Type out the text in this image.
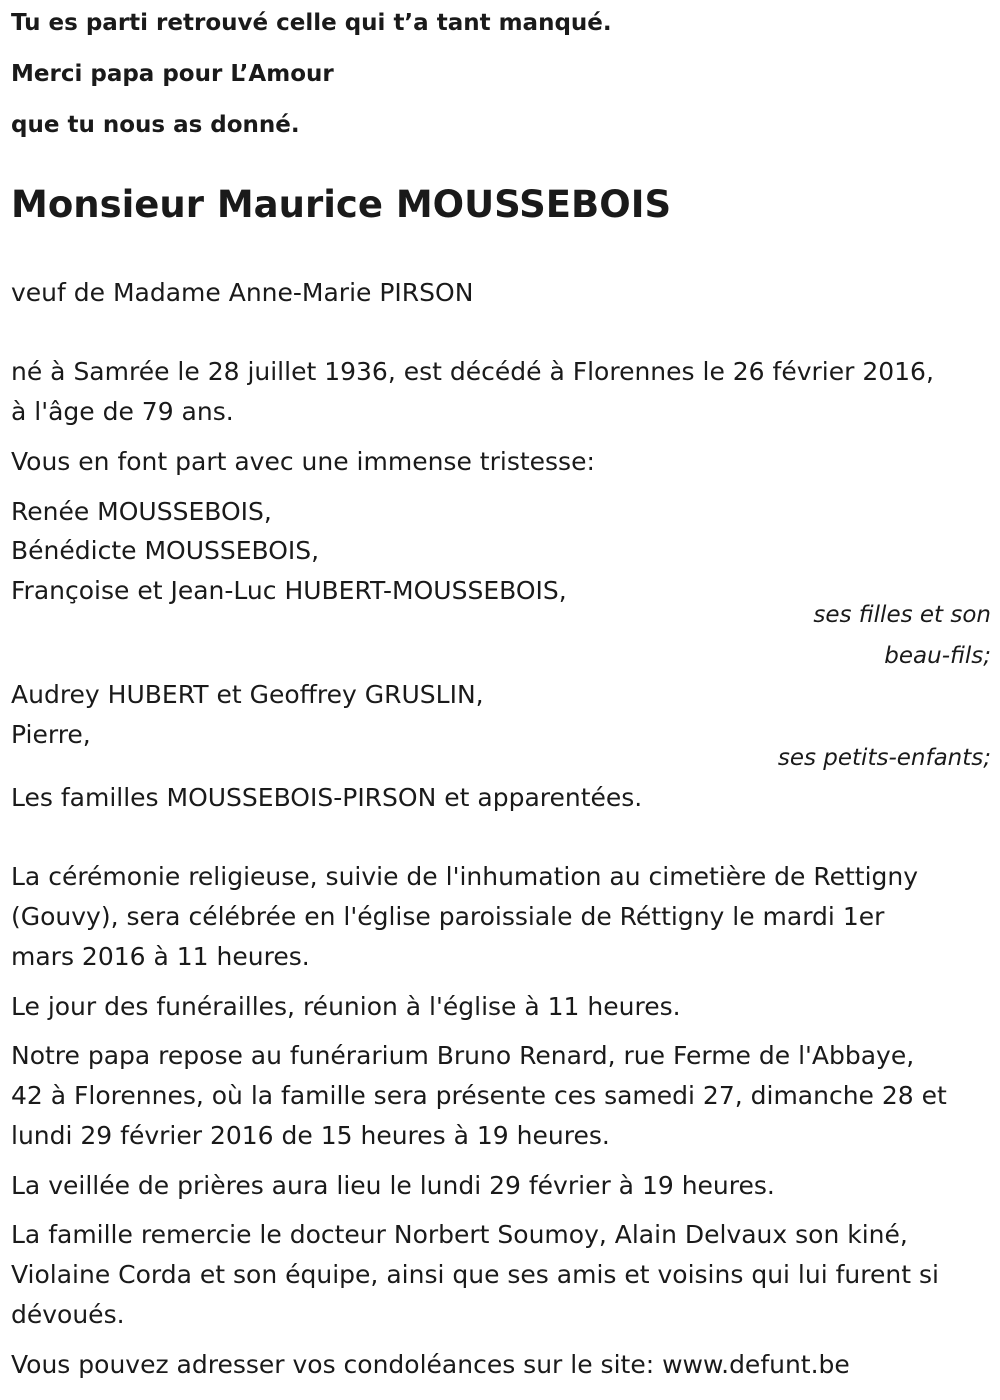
Tu es parti retrouvé celle qui t’a tant manqué.

Merci papa pour L’Amour

que tu nous as donné.

Monsieur Maurice MOUSSEBOIS

veuf de Madame Anne-Marie PIRSON

né à Samrée le 28 juillet 1936, est décédé à Florennes le 26 février 2016,

à l'âge de 79 ans.

Vous en font part avec une immense tristesse:

Renée MOUSSEBOIS,

Bénédicte MOUSSEBOIS,

Françoise et Jean-Luc HUBERT-MOUSSEBOIS,

ses filles et son

beau-fils;

Audrey HUBERT et Geoffrey GRUSLIN,

Pierre,

ses petits-enfants;

Les familles MOUSSEBOIS-PIRSON et apparentées.

La cérémonie religieuse, suivie de l'inhumation au cimetière de Rettigny

(Gouvy), sera célébrée en l'église paroissiale de Réttigny le mardi 1er

mars 2016 à 11 heures.

Le jour des funérailles, réunion à l'église à 11 heures.

Notre papa repose au funérarium Bruno Renard, rue Ferme de l'Abbaye,

42 à Florennes, où la famille sera présente ces samedi 27, dimanche 28 et

lundi 29 février 2016 de 15 heures à 19 heures.

La veillée de prières aura lieu le lundi 29 février à 19 heures.

La famille remercie le docteur Norbert Soumoy, Alain Delvaux son kiné,

Violaine Corda et son équipe, ainsi que ses amis et voisins qui lui furent si

dévoués.

Vous pouvez adresser vos condoléances sur le site: www.defunt.be
